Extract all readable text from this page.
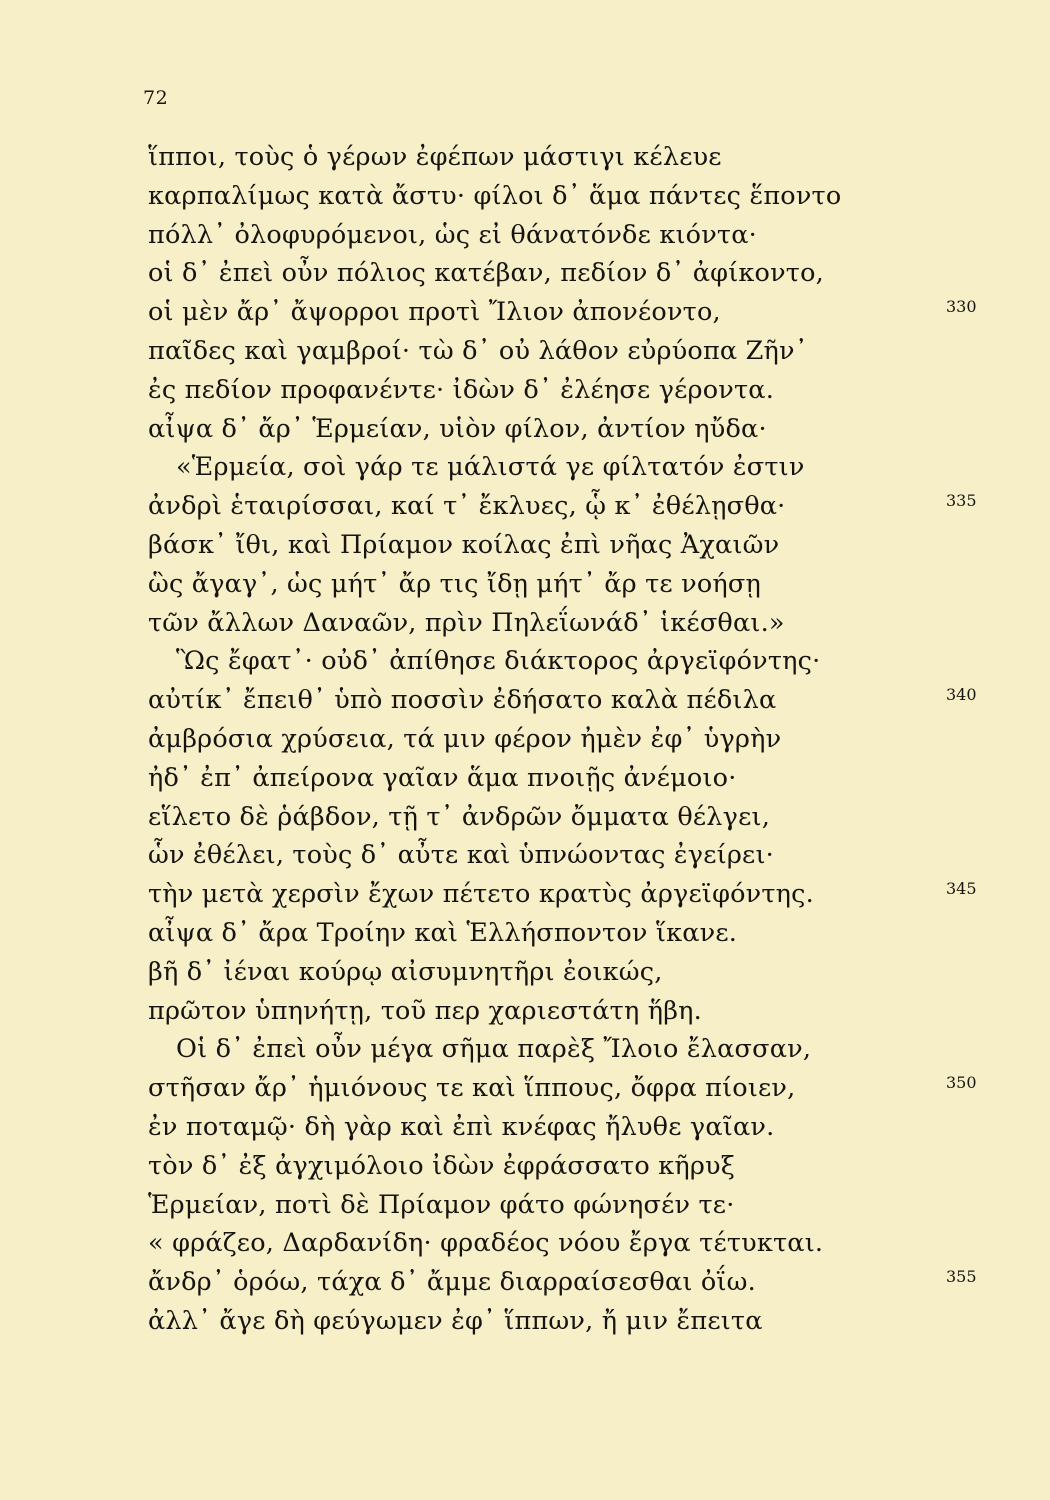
72
ἵπποι, τοὺς ὁ γέρων ἐφέπων μάστιγι κέλευε
καρπαλίμως κατὰ ἄστυ· φίλοι δ᾽ ἅμα πάντες ἕποντο
πόλλ᾽ ὀλοφυρόμενοι, ὡς εἰ θάνατόνδε κιόντα·
οἱ δ᾽ ἐπεὶ οὖν πόλιος κατέβαν, πεδίον δ᾽ ἀφίκοντο,
οἱ μὲν ἄρ᾽ ἄψορροι προτὶ Ἴλιον ἀπονέοντο,	330
παῖδες καὶ γαμβροί· τὼ δ᾽ οὐ λάθον εὐρύοπα Ζῆν᾽
ἐς πεδίον προφανέντε· ἰδὼν δ᾽ ἐλέησε γέροντα.
αἶψα δ᾽ ἄρ᾽ Ἑρμείαν, υἱὸν φίλον, ἀντίον ηὔδα·
«Ἑρμεία, σοὶ γάρ τε μάλιστά γε φίλτατόν ἐστιν
ἀνδρὶ ἑταιρίσσαι, καί τ᾽ ἔκλυες, ᾧ κ᾽ ἐθέλῃσθα·	335
βάσκ᾽ ἴθι, καὶ Πρίαμον κοίλας ἐπὶ νῆας Ἀχαιῶν
ὣς ἄγαγ᾽, ὡς μήτ᾽ ἄρ τις ἴδῃ μήτ᾽ ἄρ τε νοήσῃ
τῶν ἄλλων Δαναῶν, πρὶν Πηλεΐωνάδ᾽ ἱκέσθαι.»
Ὣς ἔφατ᾽· οὐδ᾽ ἀπίθησε διάκτορος ἀργεϊφόντης·
αὐτίκ᾽ ἔπειθ᾽ ὑπὸ ποσσὶν ἐδήσατο καλὰ πέδιλα	340
ἀμβρόσια χρύσεια, τά μιν φέρον ἠμὲν ἐφ᾽ ὑγρὴν
ἠδ᾽ ἐπ᾽ ἀπείρονα γαῖαν ἅμα πνοιῇς ἀνέμοιο·
εἵλετο δὲ ῥάβδον, τῇ τ᾽ ἀνδρῶν ὄμματα θέλγει,
ὧν ἐθέλει, τοὺς δ᾽ αὖτε καὶ ὑπνώοντας ἐγείρει·
τὴν μετὰ χερσὶν ἔχων πέτετο κρατὺς ἀργεϊφόντης.	345
αἶψα δ᾽ ἄρα Τροίην καὶ Ἑλλήσποντον ἵκανε.
βῆ δ᾽ ἰέναι κούρῳ αἰσυμνητῆρι ἐοικώς,
πρῶτον ὑπηνήτῃ, τοῦ περ χαριεστάτη ἥβη.
Οἱ δ᾽ ἐπεὶ οὖν μέγα σῆμα παρὲξ Ἴλοιο ἔλασσαν,
στῆσαν ἄρ᾽ ἡμιόνους τε καὶ ἵππους, ὄφρα πίοιεν,	350
ἐν ποταμῷ· δὴ γὰρ καὶ ἐπὶ κνέφας ἤλυθε γαῖαν.
τὸν δ᾽ ἐξ ἀγχιμόλοιο ἰδὼν ἐφράσσατο κῆρυξ
Ἑρμείαν, ποτὶ δὲ Πρίαμον φάτο φώνησέν τε·
« φράζεο, Δαρδανίδη· φραδέος νόου ἔργα τέτυκται.
ἄνδρ᾽ ὁρόω, τάχα δ᾽ ἄμμε διαρραίσεσθαι ὀΐω.	355
ἀλλ᾽ ἄγε δὴ φεύγωμεν ἐφ᾽ ἵππων, ἤ μιν ἔπειτα
